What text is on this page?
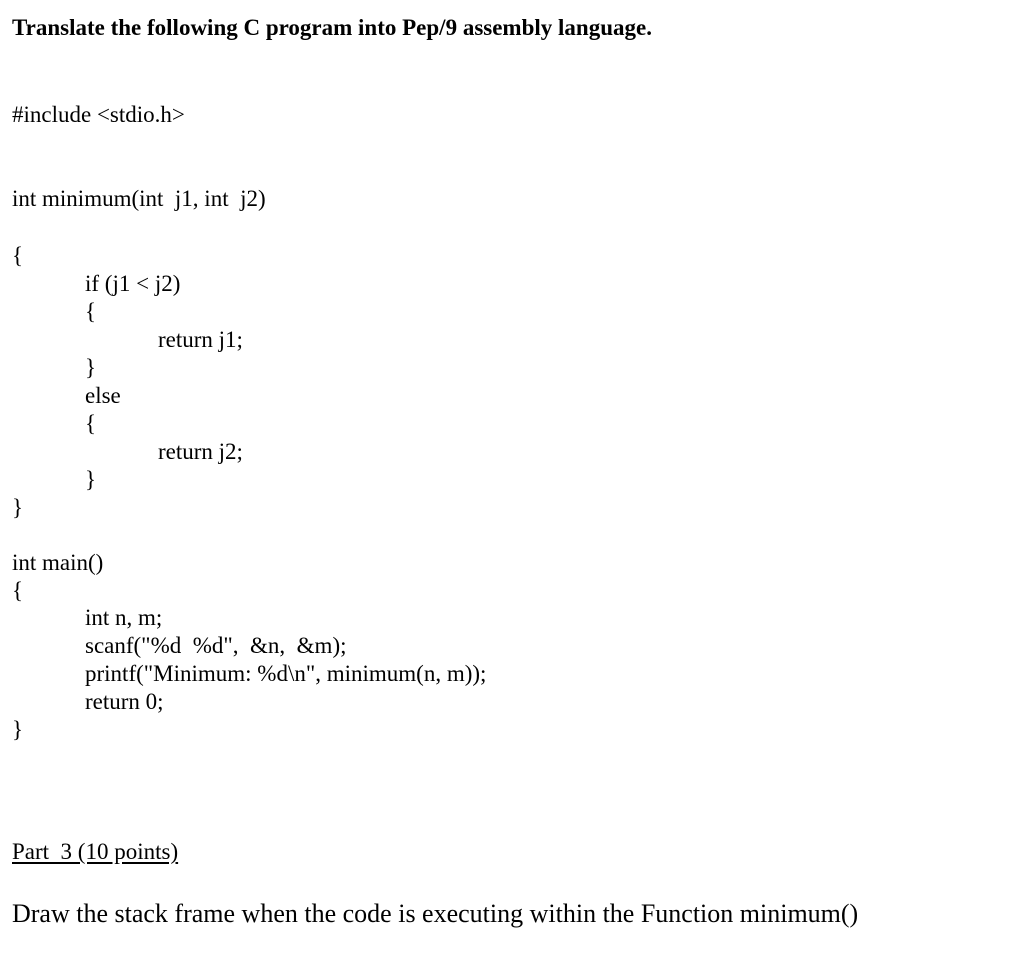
Translate the following C program into Pep/9 assembly language.
#include <stdio.h>
int minimum(int  j1, int  j2)
{
if (j1 < j2)
{
return j1;
}
else
{
return j2;
}
}
int main()
{
int n, m;
scanf("%d  %d",  &n,  &m);
printf("Minimum: %d\n", minimum(n, m));
return 0;
}
Part  3 (10 points)
Draw the stack frame when the code is executing within the Function minimum()
